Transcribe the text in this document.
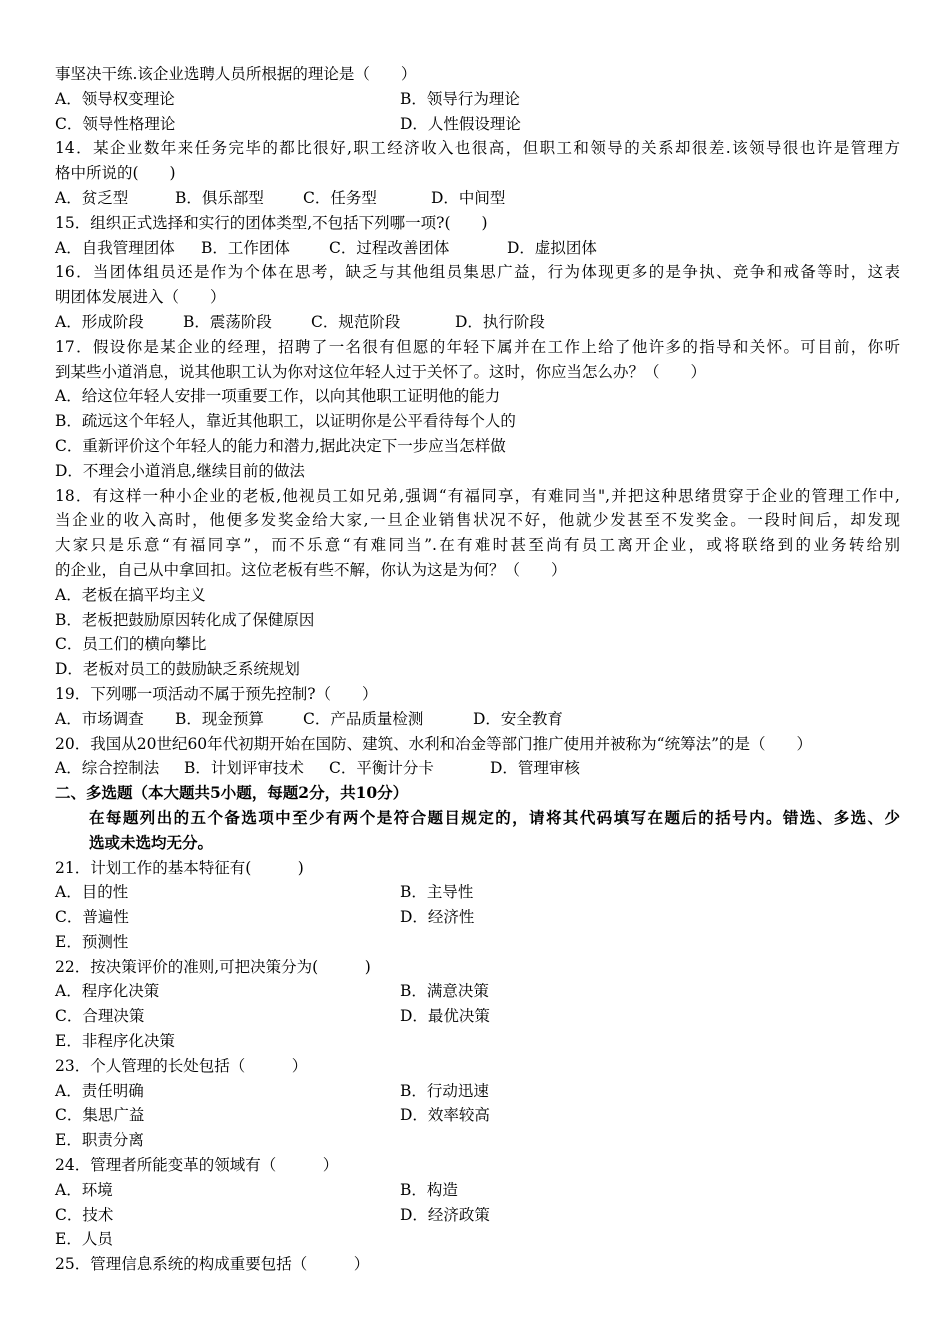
事坚决干练.该企业选聘人员所根据的理论是（　　）
A．领导权变理论	B．领导行为理论
C．领导性格理论	D．人性假设理论
14．某企业数年来任务完毕的都比很好,职工经济收入也很高，但职工和领导的关系却很差.该领导很也许是管理方
格中所说的(　　)
A．贫乏型	B．俱乐部型	C．任务型	D．中间型
15．组织正式选择和实行的团体类型,不包括下列哪一项?(　　)
A．自我管理团体 B．工作团体	C．过程改善团体	D．虚拟团体
16．当团体组员还是作为个体在思考，缺乏与其他组员集思广益，行为体现更多的是争执、竞争和戒备等时，这表
明团体发展进入（　　）
A．形成阶段	B．震荡阶段	C．规范阶段	D．执行阶段
17．假设你是某企业的经理，招聘了一名很有但愿的年轻下属并在工作上给了他许多的指导和关怀。可目前，你听
到某些小道消息，说其他职工认为你对这位年轻人过于关怀了。这时，你应当怎么办？（　　）
A．给这位年轻人安排一项重要工作，以向其他职工证明他的能力
B．疏远这个年轻人，靠近其他职工，以证明你是公平看待每个人的
C．重新评价这个年轻人的能力和潜力,据此决定下一步应当怎样做
D．不理会小道消息,继续目前的做法
18．有这样一种小企业的老板,他视员工如兄弟,强调“有福同享，有难同当",并把这种思绪贯穿于企业的管理工作中,
当企业的收入高时，他便多发奖金给大家,一旦企业销售状况不好，他就少发甚至不发奖金。一段时间后，却发现
大家只是乐意“有福同享”，而不乐意“有难同当”.在有难时甚至尚有员工离开企业，或将联络到的业务转给别
的企业，自己从中拿回扣。这位老板有些不解，你认为这是为何？（　　）
A．老板在搞平均主义
B．老板把鼓励原因转化成了保健原因
C．员工们的横向攀比
D．老板对员工的鼓励缺乏系统规划
19．下列哪一项活动不属于预先控制?（　　）
A．市场调查 B．现金预算	C．产品质量检测	D．安全教育
20．我国从20世纪60年代初期开始在国防、建筑、水利和冶金等部门推广使用并被称为“统筹法”的是（　　）
A．综合控制法 B．计划评审技术 C．平衡计分卡	D．管理审核
二、多选题（本大题共5小题，每题2分，共10分）
在每题列出的五个备选项中至少有两个是符合题目规定的，请将其代码填写在题后的括号内。错选、多选、少
选或未选均无分。
21．计划工作的基本特征有(　　　)
A．目的性	B．主导性
C．普遍性	D．经济性
E．预测性
22．按决策评价的准则,可把决策分为(　　　)
A．程序化决策	B．满意决策
C．合理决策	D．最优决策
E．非程序化决策
23．个人管理的长处包括（　　　）
A．责任明确	B．行动迅速
C．集思广益	D．效率较高
E．职责分离
24．管理者所能变革的领域有（　　　）
A．环境	B．构造
C．技术	D．经济政策
E．人员
25．管理信息系统的构成重要包括（　　　）
